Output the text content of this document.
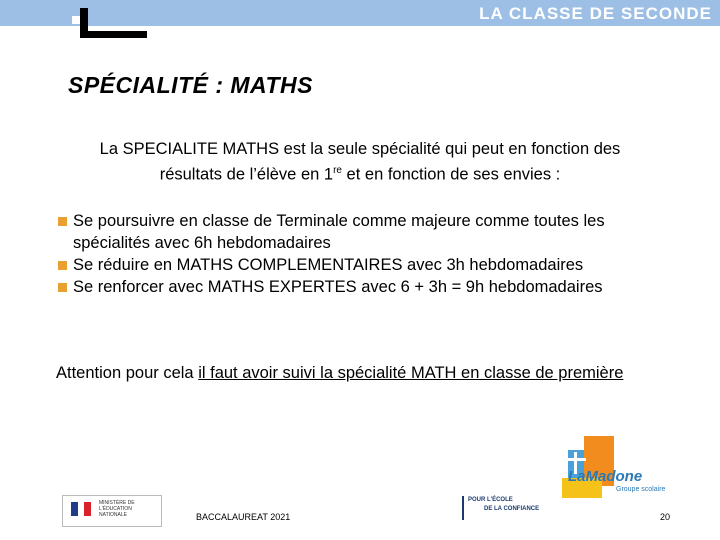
LA CLASSE DE SECONDE
SPÉCIALITÉ : MATHS
La SPECIALITE MATHS est la seule spécialité qui peut en fonction des
résultats de l’élève en 1re et en fonction de ses envies :
Se poursuivre en classe de Terminale comme majeure comme toutes les spécialités avec 6h hebdomadaires
Se réduire en MATHS COMPLEMENTAIRES avec 3h hebdomadaires
Se renforcer avec MATHS EXPERTES avec 6 + 3h = 9h hebdomadaires
Attention pour cela il faut avoir suivi la spécialité MATH en classe de première
MINISTÈRE DE L'ÉDUCATION NATIONALE	BACCALAUREAT 2021
POUR L'ÉCOLE
DE LA CONFIANCE
20
LaMadone
Groupe scolaire
